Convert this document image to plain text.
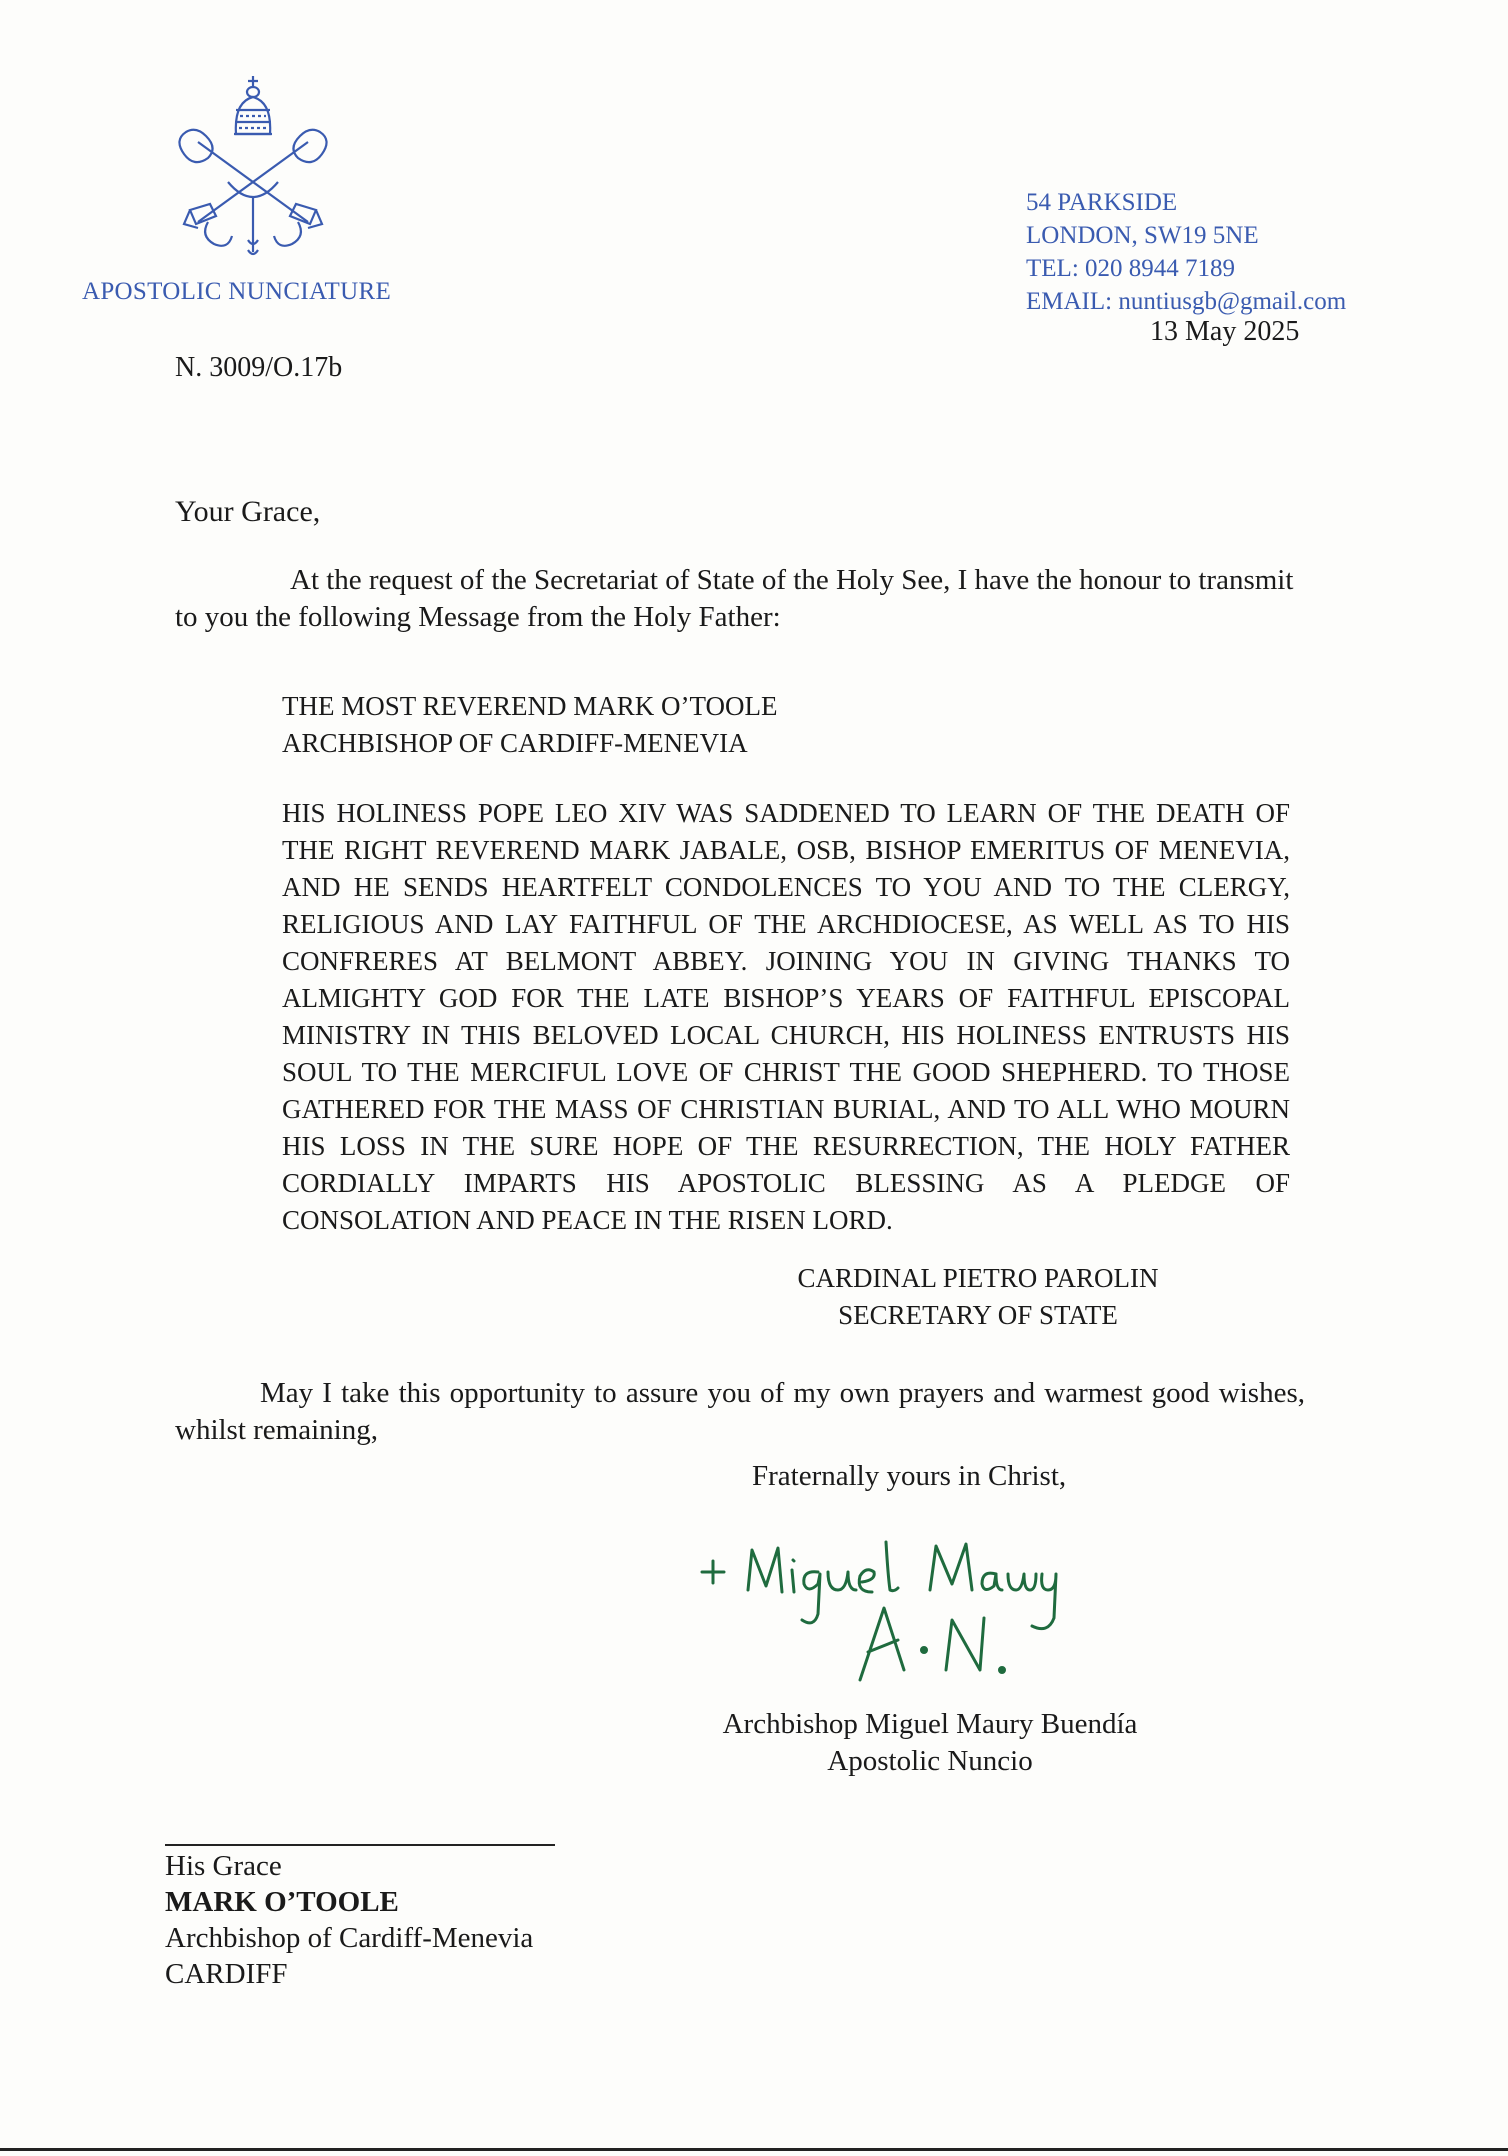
APOSTOLIC NUNCIATURE
54 PARKSIDE
LONDON, SW19 5NE
TEL: 020 8944 7189
EMAIL: nuntiusgb@gmail.com
13 May 2025
N. 3009/O.17b
Your Grace,
At the request of the Secretariat of State of the Holy See, I have the honour to transmit
to you the following Message from the Holy Father:
THE MOST REVEREND MARK O’TOOLE
ARCHBISHOP OF CARDIFF-MENEVIA
HIS HOLINESS POPE LEO XIV WAS SADDENED TO LEARN OF THE DEATH OF THE RIGHT REVEREND MARK JABALE, OSB, BISHOP EMERITUS OF MENEVIA, AND HE SENDS HEARTFELT CONDOLENCES TO YOU AND TO THE CLERGY, RELIGIOUS AND LAY FAITHFUL OF THE ARCHDIOCESE, AS WELL AS TO HIS CONFRERES AT BELMONT ABBEY. JOINING YOU IN GIVING THANKS TO ALMIGHTY GOD FOR THE LATE BISHOP’S YEARS OF FAITHFUL EPISCOPAL MINISTRY IN THIS BELOVED LOCAL CHURCH, HIS HOLINESS ENTRUSTS HIS SOUL TO THE MERCIFUL LOVE OF CHRIST THE GOOD SHEPHERD. TO THOSE GATHERED FOR THE MASS OF CHRISTIAN BURIAL, AND TO ALL WHO MOURN HIS LOSS IN THE SURE HOPE OF THE RESURRECTION, THE HOLY FATHER CORDIALLY IMPARTS HIS APOSTOLIC BLESSING AS A PLEDGE OF CONSOLATION AND PEACE IN THE RISEN LORD.
CARDINAL PIETRO PAROLIN
SECRETARY OF STATE
May I take this opportunity to assure you of my own prayers and warmest good wishes, whilst remaining,
Fraternally yours in Christ,
Archbishop Miguel Maury Buendía
Apostolic Nuncio
His Grace
MARK O’TOOLE
Archbishop of Cardiff-Menevia
CARDIFF
